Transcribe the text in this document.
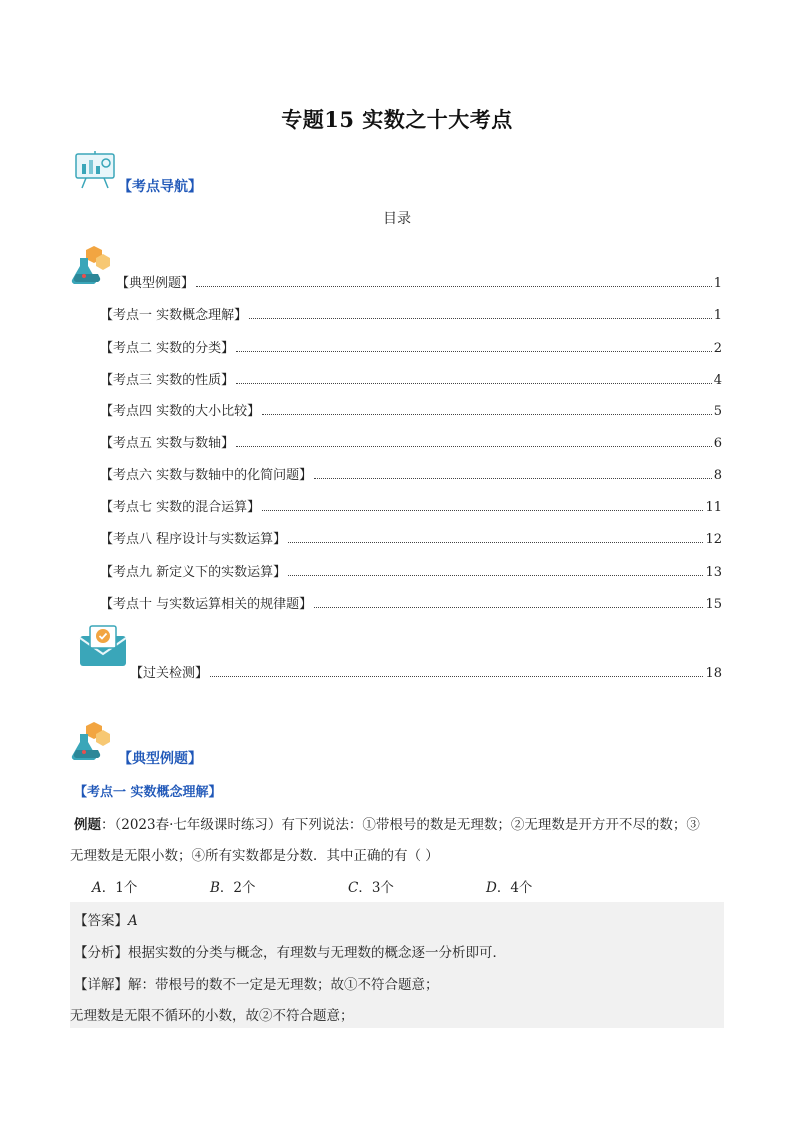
专题15 实数之十大考点
【考点导航】
目录
【典型例题】	1
【考点一 实数概念理解】	1
【考点二 实数的分类】	2
【考点三 实数的性质】	4
【考点四 实数的大小比较】	5
【考点五 实数与数轴】	6
【考点六 实数与数轴中的化简问题】	8
【考点七 实数的混合运算】	11
【考点八 程序设计与实数运算】	12
【考点九 新定义下的实数运算】	13
【考点十 与实数运算相关的规律题】	15
【过关检测】	18
【典型例题】
【考点一 实数概念理解】
例题：（2023春·七年级课时练习）有下列说法：①带根号的数是无理数；②无理数是开方开不尽的数；③
无理数是无限小数；④所有实数都是分数．其中正确的有（ ）
A．1个	B．2个	C．3个	D．4个
【答案】A
【分析】根据实数的分类与概念，有理数与无理数的概念逐一分析即可．
【详解】解：带根号的数不一定是无理数；故①不符合题意；
无理数是无限不循环的小数，故②不符合题意；
